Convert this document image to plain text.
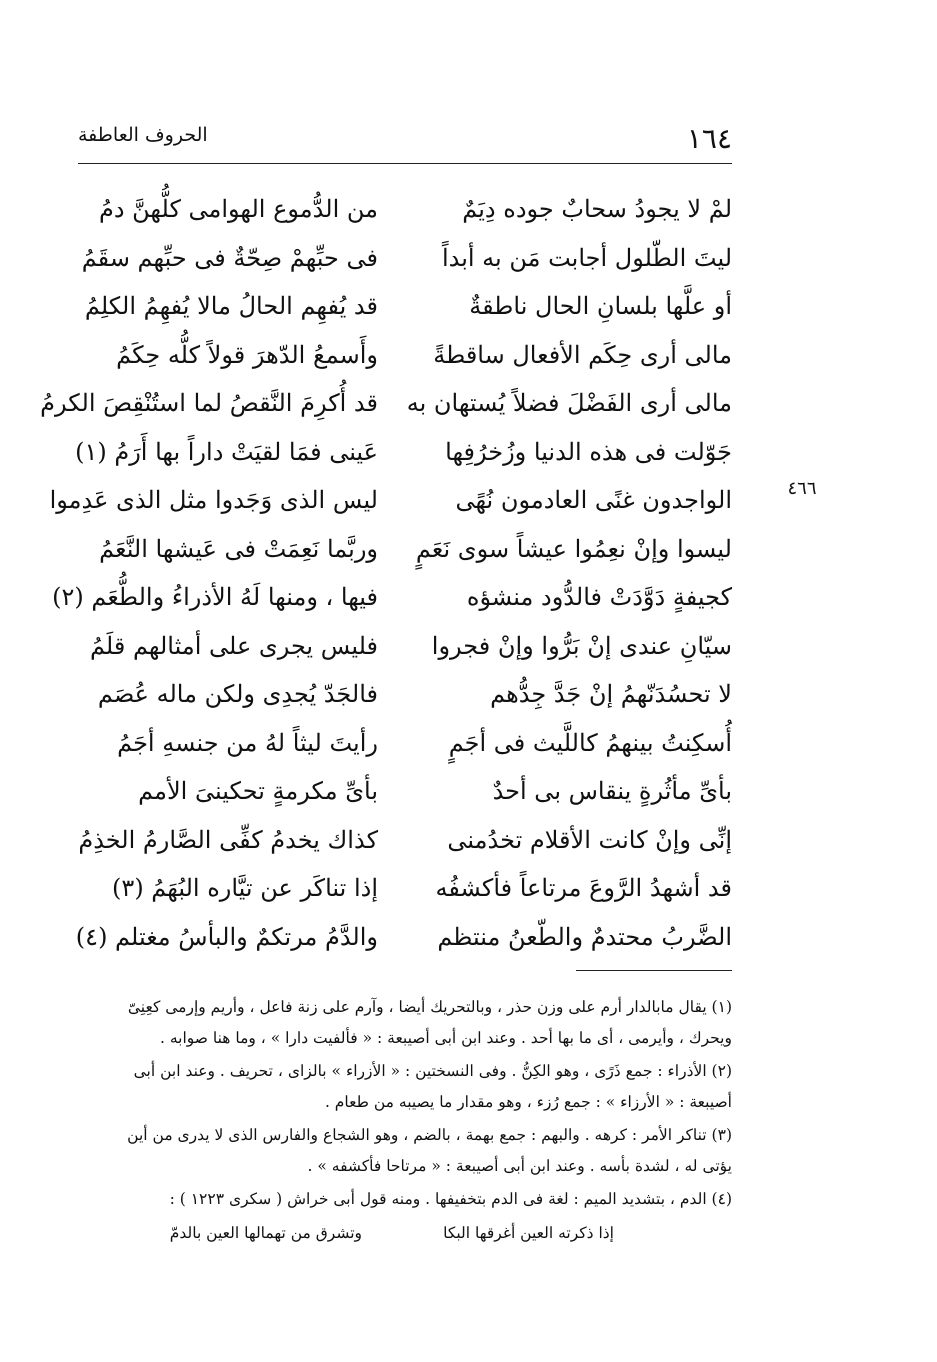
١٦٤
الحروف العاطفة
٤٦٦
لمْ لا يجودُ سحابٌ جوده دِيَمٌ
ليتَ الطّلول أجابت مَن به أبداً
أو علَّها بلسانِ الحال ناطقةٌ
مالى أرى حِكَم الأفعال ساقطةً
مالى أرى الفَضْلَ فضلاً يُستهان به
جَوّلت فى هذه الدنيا وزُخرُفِها
الواجدون غنًى العادمون نُهًى
ليسوا وإنْ نعِمُوا عيشاً سوى نَعَمٍ
كجيفةٍ دَوَّدَتْ فالدُّود منشؤه
سيّانِ عندى إنْ بَرُّوا وإنْ فجروا
لا تحسُدَنّهمُ إنْ جَدَّ جِدُّهم
أُسكِنتُ بينهمُ كاللَّيث فى أجَمٍ
بأىِّ مأثُرةٍ ينقاس بى أحدٌ
إنِّى وإنْ كانت الأقلام تخدُمنى
قد أشهدُ الرَّوعَ مرتاعاً فأكشفُه
الضَّربُ محتدمٌ والطّعنُ منتظم
من الدُّموع الهوامى كلُّهنَّ دمُ
فى حبِّهمْ صِحّةٌ فى حبِّهم سقَمُ
قد يُفهِم الحالُ مالا يُفهِمُ الكلِمُ
وأَسمعُ الدّهرَ قولاً كلُّه حِكَمُ
قد أُكرِمَ النَّقصُ لما استُنْقِصَ الكرمُ
عَينى فمَا لقيَتْ داراً بها أَرَمُ (١)
ليس الذى وَجَدوا مثل الذى عَدِموا
وربَّما نَعِمَتْ فى عَيشها النَّعَمُ
فيها ، ومنها لَهُ الأذراءُ والطُّعَم (٢)
فليس يجرى على أمثالهم قلَمُ
فالجَدّ يُجدِى ولكن ماله عُصَم
رأيتَ ليثاً لهُ من جنسهِ أجَمُ
بأىِّ مكرمةٍ تحكينىَ الأمم
كذاك يخدمُ كفِّى الصَّارمُ الخذِمُ
إذا تناكَر عن تيَّاره البُهَمُ (٣)
والدَّمُ مرتكمٌ والبأسُ مغتلم (٤)
(١) يقال مابالدار أرم على وزن حذر ، وبالتحريك أيضا ، وآرم على زنة فاعل ، وأريم وإرمى كعِنِىّ
ويحرك ، وأيرمى ، أى ما بها أحد . وعند ابن أبى أصيبعة : « فألفيت دارا » ، وما هنا صوابه .
(٢) الأذراء : جمع ذَرًى ، وهو الكِنُّ . وفى النسختين : « الأزراء » بالزاى ، تحريف . وعند ابن أبى
أصيبعة : « الأرزاء » : جمع رُزء ، وهو مقدار ما يصيبه من طعام .
(٣) تناكر الأمر : كرهه . والبهم : جمع بهمة ، بالضم ، وهو الشجاع والفارس الذى لا يدرى من أين
يؤتى له ، لشدة بأسه . وعند ابن أبى أصيبعة : « مرتاحا فأكشفه » .
(٤) الدم ، بتشديد الميم : لغة فى الدم بتخفيفها . ومنه قول أبى خراش ( سكرى ١٢٢٣ ) :
إذا ذكرته العين أغرقها البكا
وتشرق من تهمالها العين بالدمّ
